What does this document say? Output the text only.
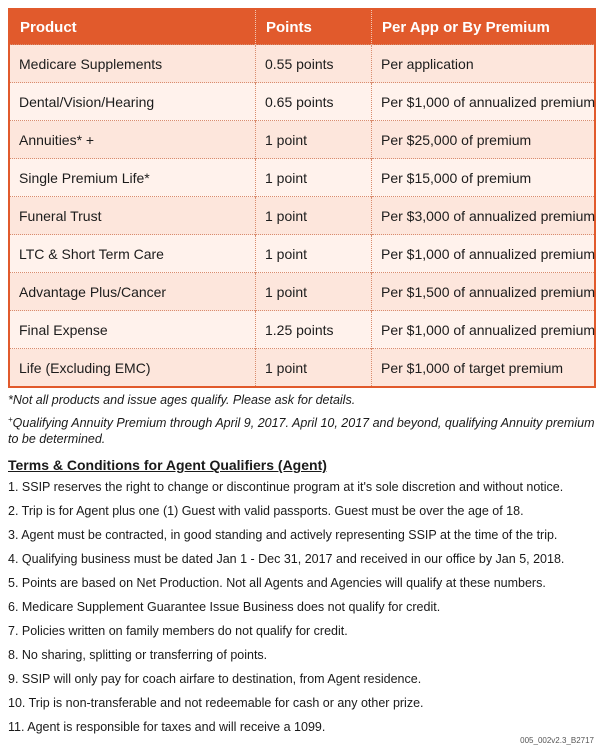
Product	Points	Per App or By Premium
Medicare Supplements	0.55 points	Per application
Dental/Vision/Hearing	0.65 points	Per $1,000 of annualized premium
Annuities* +	1 point	Per $25,000 of premium
Single Premium Life*	1 point	Per $15,000 of premium
Funeral Trust	1 point	Per $3,000 of annualized premium
LTC & Short Term Care	1 point	Per $1,000 of annualized premium
Advantage Plus/Cancer	1 point	Per $1,500 of annualized premium
Final Expense	1.25 points	Per $1,000 of annualized premium
Life (Excluding EMC)	1 point	Per $1,000 of target premium

*Not all products and issue ages qualify. Please ask for details.

+Qualifying Annuity Premium through April 9, 2017. April 10, 2017 and beyond, qualifying Annuity premium to be determined.

Terms & Conditions for Agent Qualifiers (Agent)

1. SSIP reserves the right to change or discontinue program at it's sole discretion and without notice.

2. Trip is for Agent plus one (1) Guest with valid passports. Guest must be over the age of 18.

3. Agent must be contracted, in good standing and actively representing SSIP at the time of the trip.

4. Qualifying business must be dated Jan 1 - Dec 31, 2017 and received in our office by Jan 5, 2018.

5. Points are based on Net Production. Not all Agents and Agencies will qualify at these numbers.

6. Medicare Supplement Guarantee Issue Business does not qualify for credit.

7. Policies written on family members do not qualify for credit.

8. No sharing, splitting or transferring of points.

9. SSIP will only pay for coach airfare to destination, from Agent residence.

10. Trip is non-transferable and not redeemable for cash or any other prize.

11. Agent is responsible for taxes and will receive a 1099.

005_002v2.3_B2717
